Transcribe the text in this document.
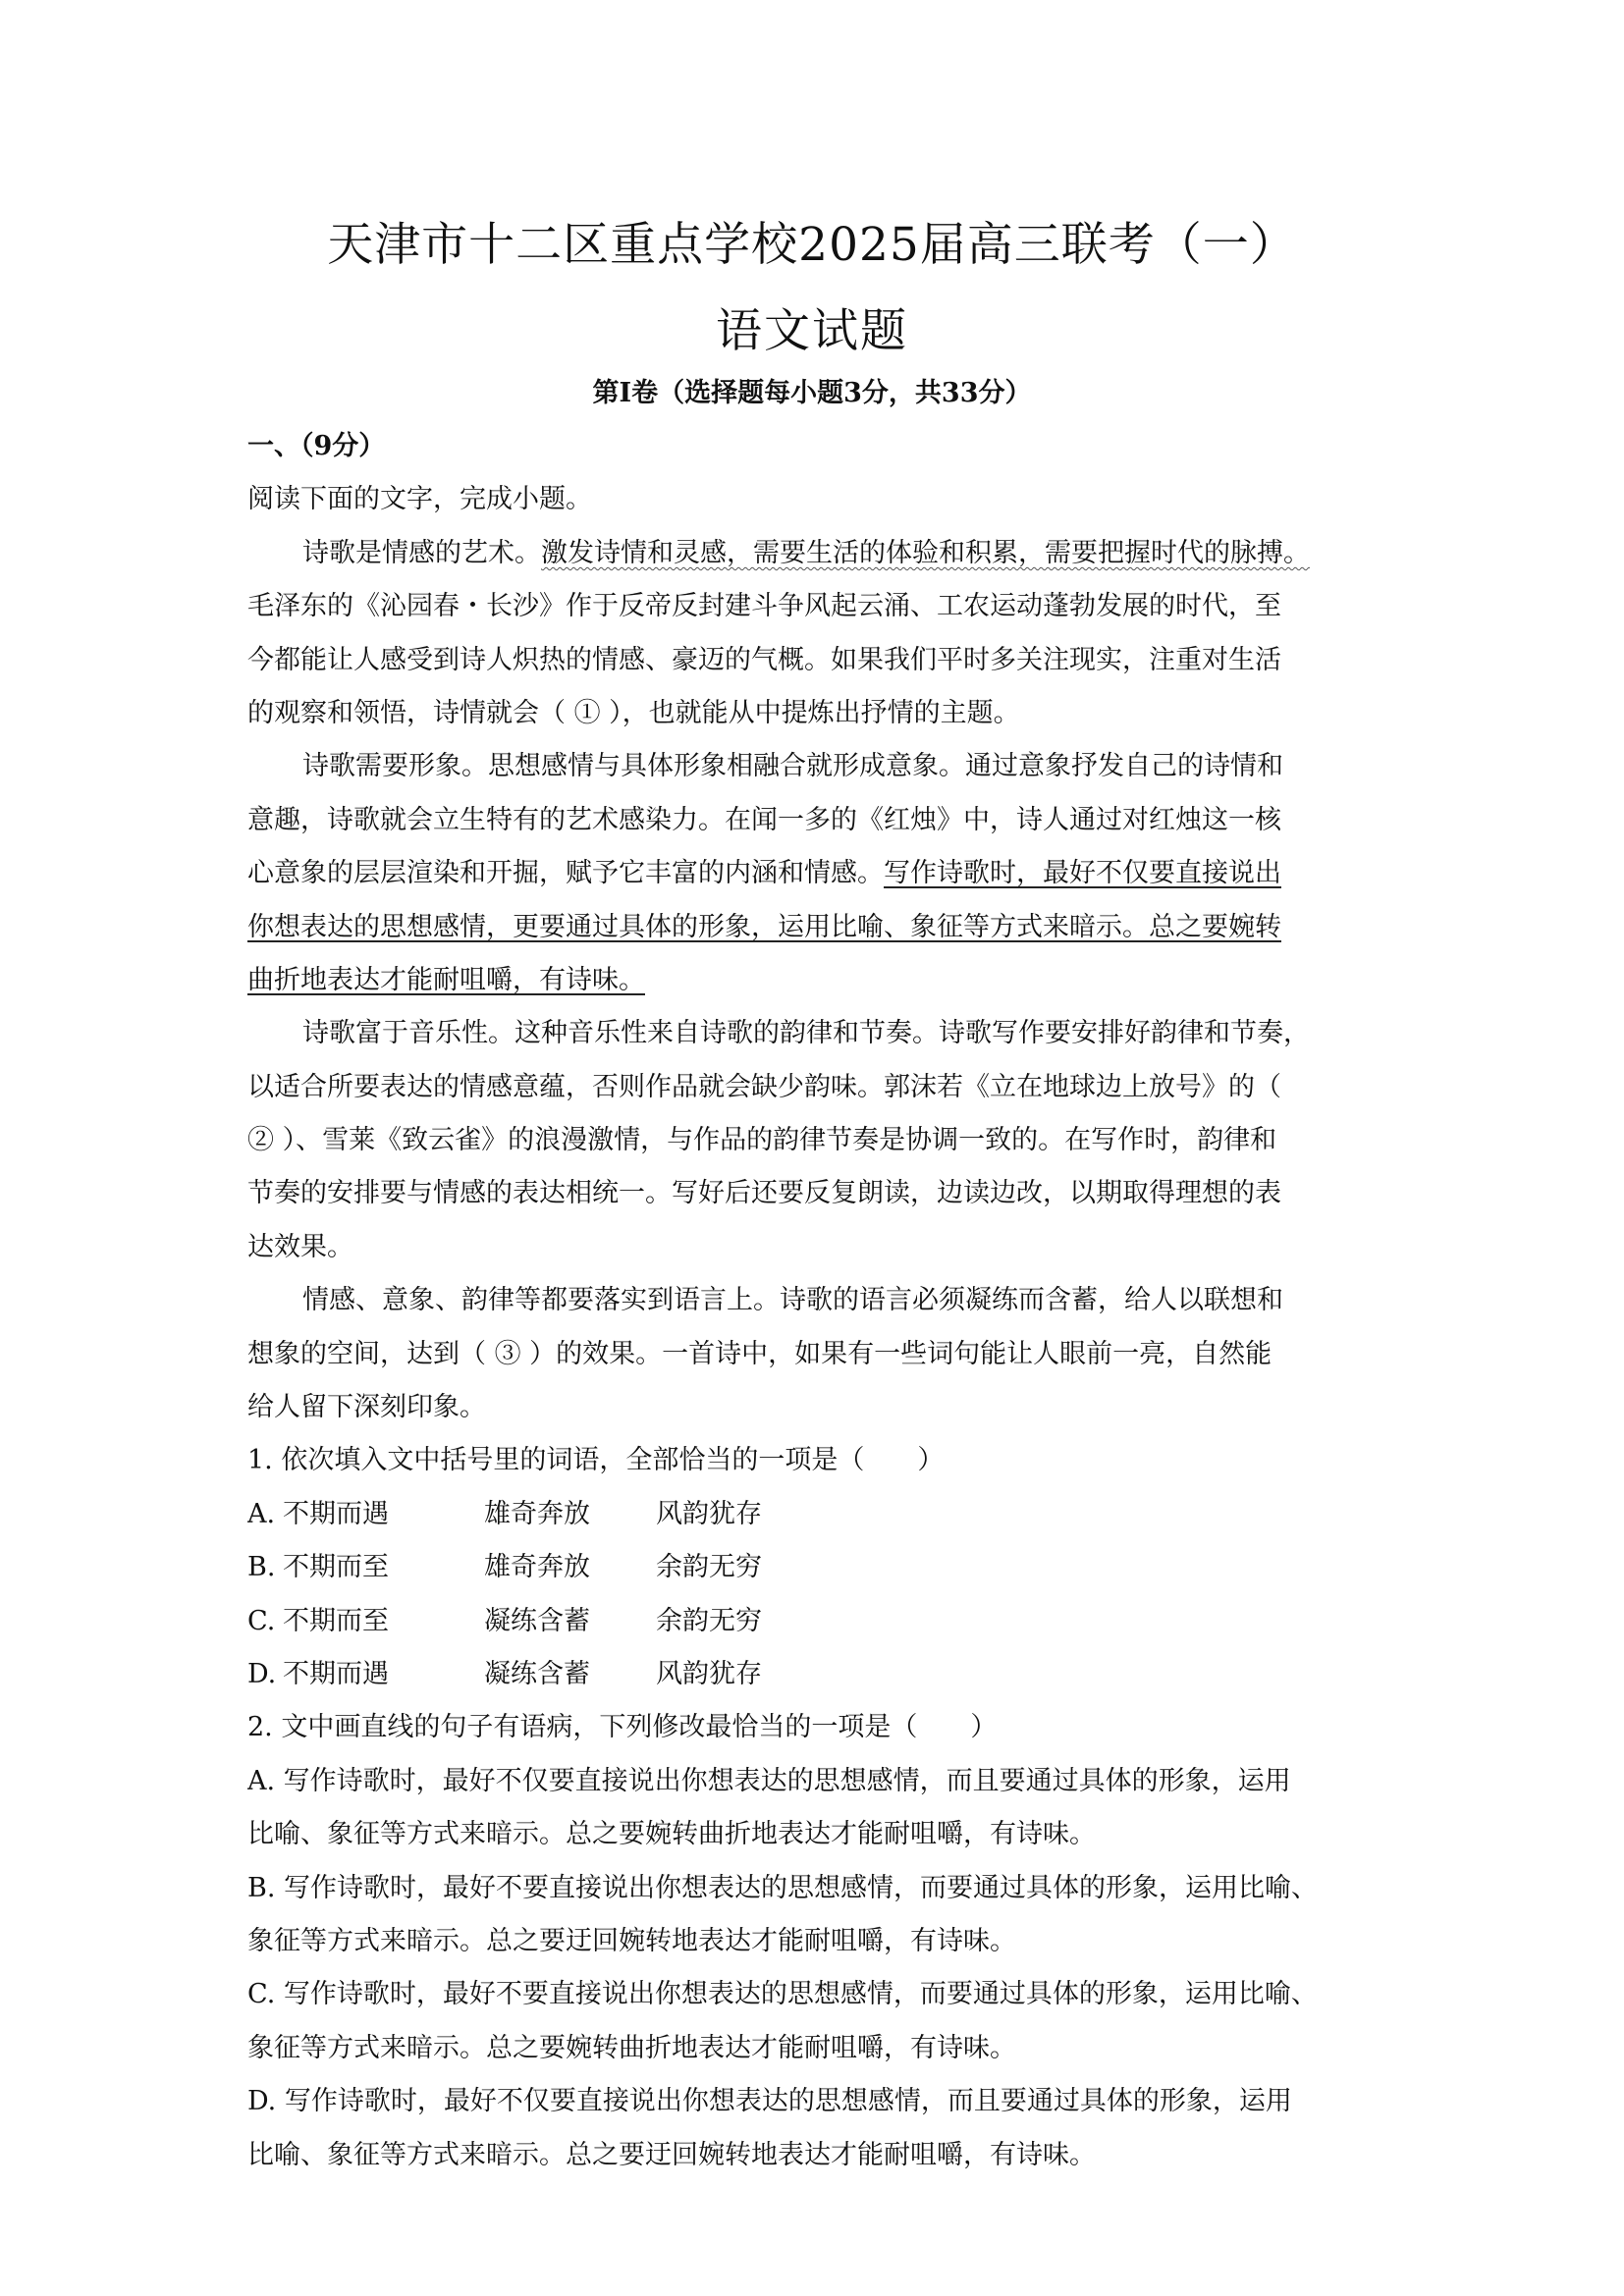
天津市十二区重点学校2025届高三联考（一）
语文试题
第Ⅰ卷（选择题每小题3分，共33分）
一、（9分）
阅读下面的文字，完成小题。
诗歌是情感的艺术。激发诗情和灵感，需要生活的体验和积累，需要把握时代的脉搏。
毛泽东的《沁园春・长沙》作于反帝反封建斗争风起云涌、工农运动蓬勃发展的时代，至
今都能让人感受到诗人炽热的情感、豪迈的气概。如果我们平时多关注现实，注重对生活
的观察和领悟，诗情就会（ ① ），也就能从中提炼出抒情的主题。
诗歌需要形象。思想感情与具体形象相融合就形成意象。通过意象抒发自己的诗情和
意趣，诗歌就会立生特有的艺术感染力。在闻一多的《红烛》中，诗人通过对红烛这一核
心意象的层层渲染和开掘，赋予它丰富的内涵和情感。写作诗歌时，最好不仅要直接说出
你想表达的思想感情，更要通过具体的形象，运用比喻、象征等方式来暗示。总之要婉转
曲折地表达才能耐咀嚼，有诗味。
诗歌富于音乐性。这种音乐性来自诗歌的韵律和节奏。诗歌写作要安排好韵律和节奏，
以适合所要表达的情感意蕴，否则作品就会缺少韵味。郭沫若《立在地球边上放号》的（
② ）、雪莱《致云雀》的浪漫激情，与作品的韵律节奏是协调一致的。在写作时，韵律和
节奏的安排要与情感的表达相统一。写好后还要反复朗读，边读边改，以期取得理想的表
达效果。
情感、意象、韵律等都要落实到语言上。诗歌的语言必须凝练而含蓄，给人以联想和
想象的空间，达到（ ③ ）的效果。一首诗中，如果有一些词句能让人眼前一亮，自然能
给人留下深刻印象。
1. 依次填入文中括号里的词语，全部恰当的一项是（　　）
A. 不期而遇	雄奇奔放 风韵犹存
B. 不期而至	雄奇奔放 余韵无穷
C. 不期而至	凝练含蓄 余韵无穷
D. 不期而遇	凝练含蓄 风韵犹存
2. 文中画直线的句子有语病，下列修改最恰当的一项是（　　）
A. 写作诗歌时，最好不仅要直接说出你想表达的思想感情，而且要通过具体的形象，运用
比喻、象征等方式来暗示。总之要婉转曲折地表达才能耐咀嚼，有诗味。
B. 写作诗歌时，最好不要直接说出你想表达的思想感情，而要通过具体的形象，运用比喻、
象征等方式来暗示。总之要迂回婉转地表达才能耐咀嚼，有诗味。
C. 写作诗歌时，最好不要直接说出你想表达的思想感情，而要通过具体的形象，运用比喻、
象征等方式来暗示。总之要婉转曲折地表达才能耐咀嚼，有诗味。
D. 写作诗歌时，最好不仅要直接说出你想表达的思想感情，而且要通过具体的形象，运用
比喻、象征等方式来暗示。总之要迂回婉转地表达才能耐咀嚼，有诗味。
